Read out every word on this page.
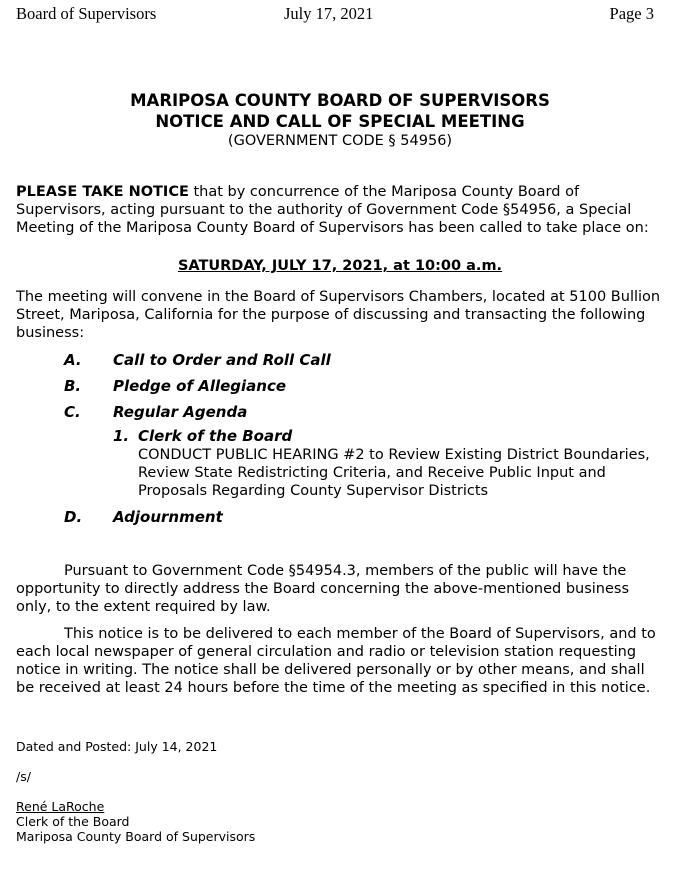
Board of Supervisors	July 17, 2021	Page 3
MARIPOSA COUNTY BOARD OF SUPERVISORS
NOTICE AND CALL OF SPECIAL MEETING
(GOVERNMENT CODE § 54956)
PLEASE TAKE NOTICE that by concurrence of the Mariposa County Board of Supervisors, acting pursuant to the authority of Government Code §54956, a Special Meeting of the Mariposa County Board of Supervisors has been called to take place on:
SATURDAY, JULY 17, 2021, at 10:00 a.m.
The meeting will convene in the Board of Supervisors Chambers, located at 5100 Bullion Street, Mariposa, California for the purpose of discussing and transacting the following business:
A. Call to Order and Roll Call
B. Pledge of Allegiance
C. Regular Agenda
1. Clerk of the Board
CONDUCT PUBLIC HEARING #2 to Review Existing District Boundaries, Review State Redistricting Criteria, and Receive Public Input and Proposals Regarding County Supervisor Districts
D. Adjournment
Pursuant to Government Code §54954.3, members of the public will have the opportunity to directly address the Board concerning the above-mentioned business only, to the extent required by law.
This notice is to be delivered to each member of the Board of Supervisors, and to each local newspaper of general circulation and radio or television station requesting notice in writing. The notice shall be delivered personally or by other means, and shall be received at least 24 hours before the time of the meeting as specified in this notice.
Dated and Posted: July 14, 2021
/s/
René LaRoche
Clerk of the Board
Mariposa County Board of Supervisors
